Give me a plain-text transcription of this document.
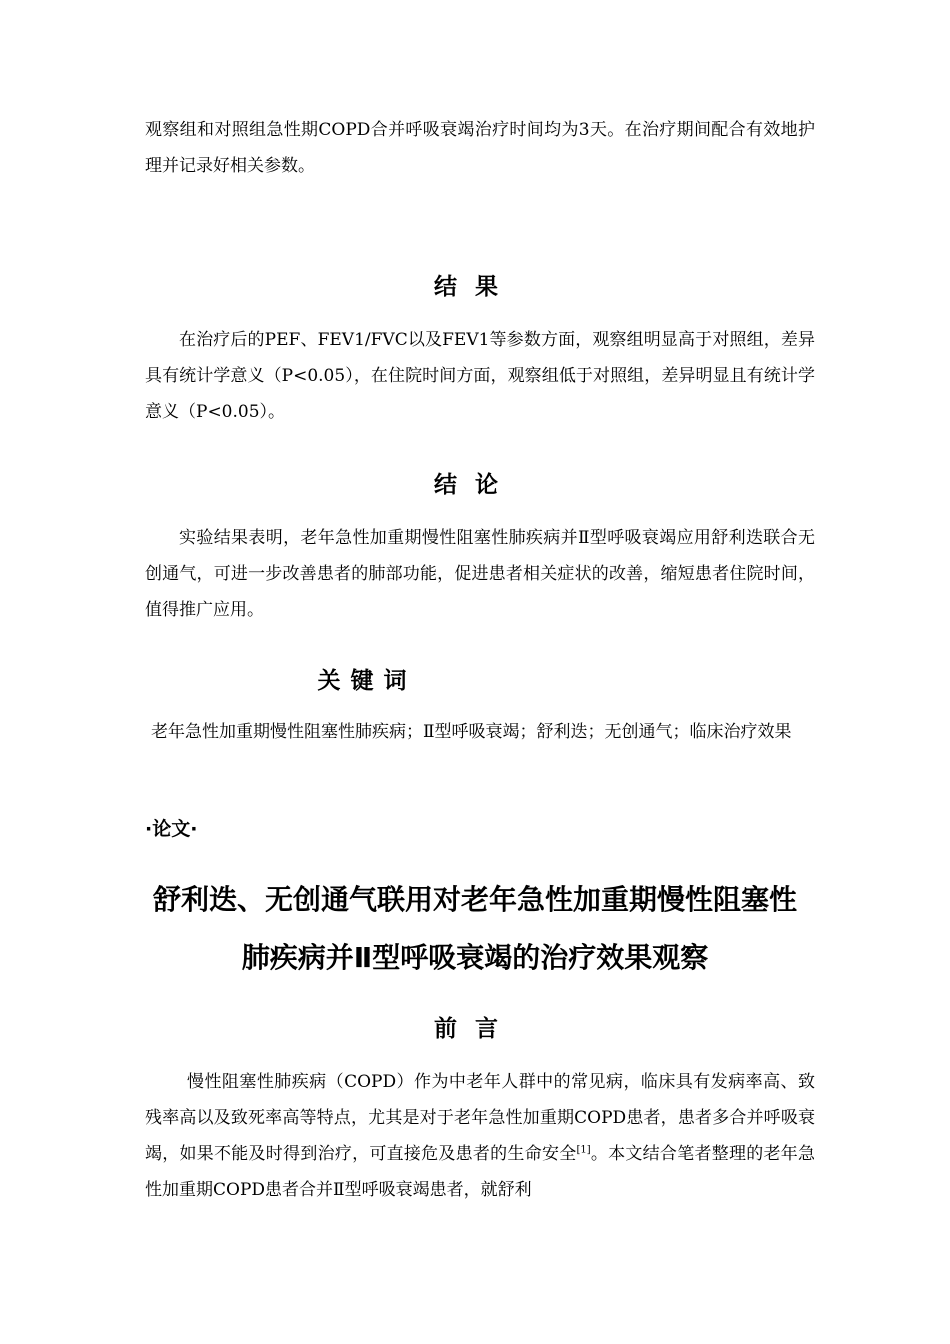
观察组和对照组急性期COPD合并呼吸衰竭治疗时间均为3天。在治疗期间配合有效地护理并记录好相关参数。

结果

在治疗后的PEF、FEV1/FVC以及FEV1等参数方面，观察组明显高于对照组，差异具有统计学意义（P<0.05），在住院时间方面，观察组低于对照组，差异明显且有统计学意义（P<0.05）。

结论

实验结果表明，老年急性加重期慢性阻塞性肺疾病并Ⅱ型呼吸衰竭应用舒利迭联合无创通气，可进一步改善患者的肺部功能，促进患者相关症状的改善，缩短患者住院时间，值得推广应用。

关键词

老年急性加重期慢性阻塞性肺疾病；Ⅱ型呼吸衰竭；舒利迭；无创通气；临床治疗效果

·论文·

舒利迭、无创通气联用对老年急性加重期慢性阻塞性
肺疾病并Ⅱ型呼吸衰竭的治疗效果观察
前言

慢性阻塞性肺疾病（COPD）作为中老年人群中的常见病，临床具有发病率高、致残率高以及致死率高等特点，尤其是对于老年急性加重期COPD患者，患者多合并呼吸衰竭，如果不能及时得到治疗，可直接危及患者的生命安全[1]。本文结合笔者整理的老年急性加重期COPD患者合并Ⅱ型呼吸衰竭患者，就舒利
